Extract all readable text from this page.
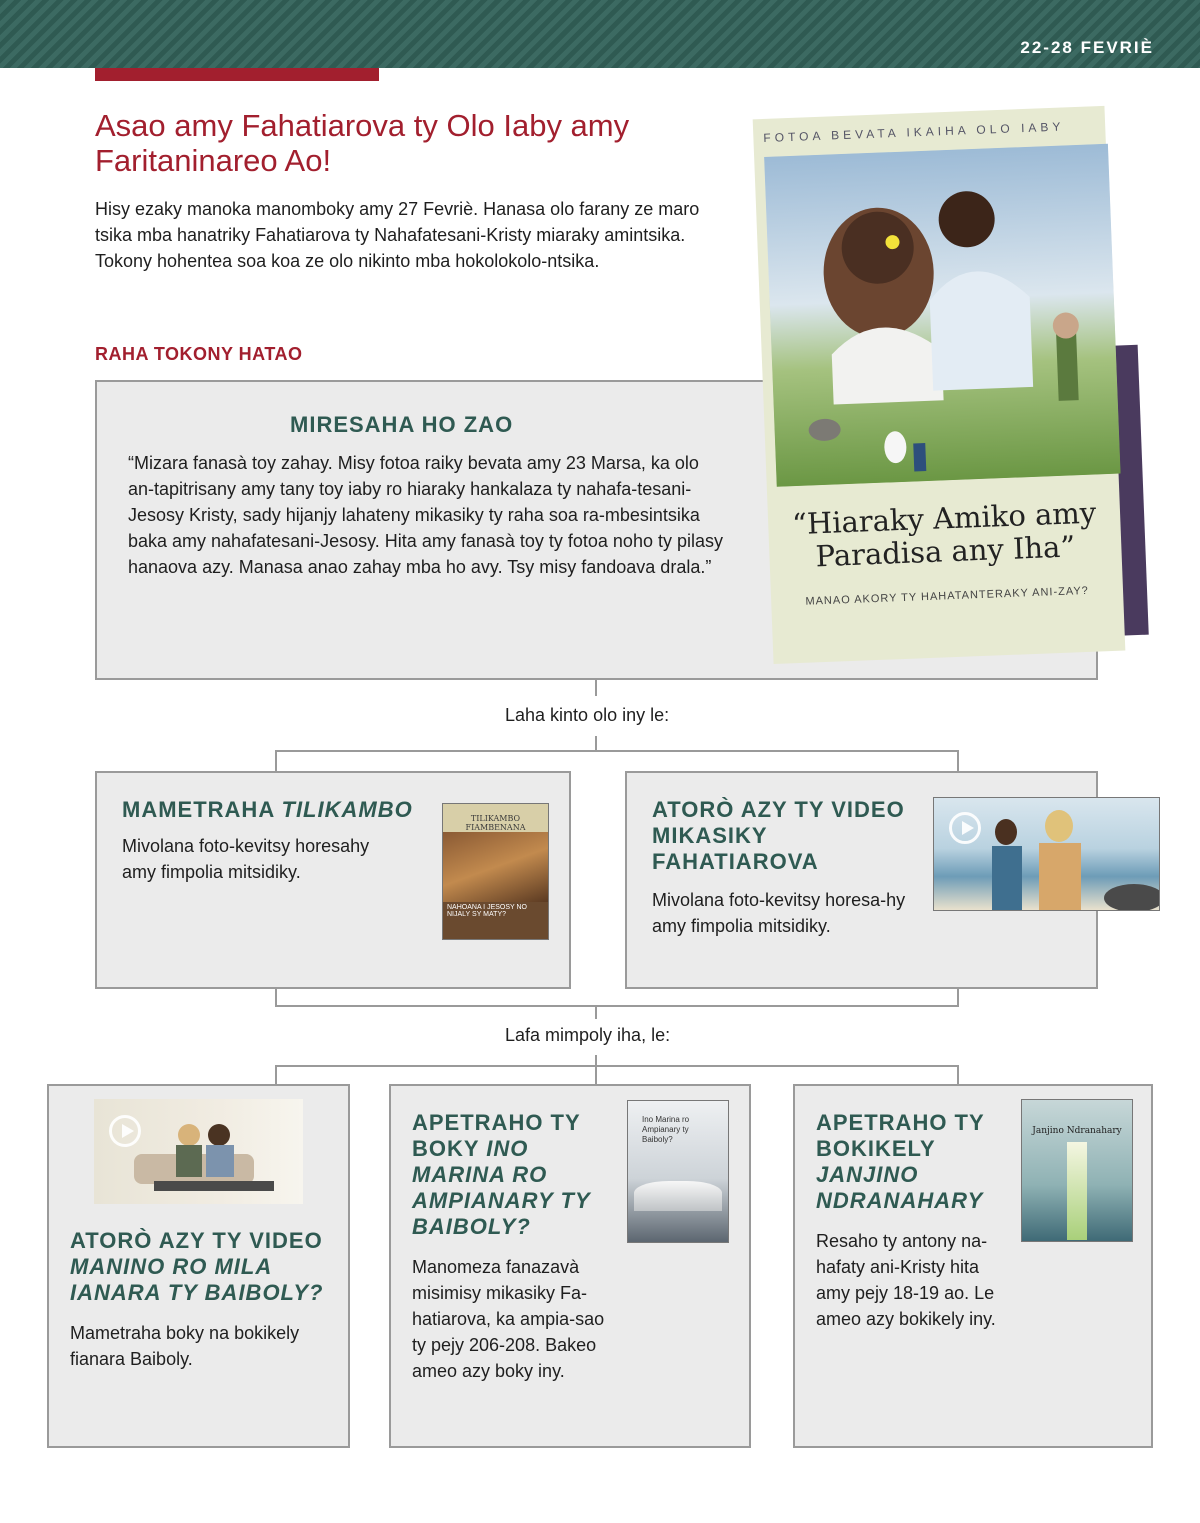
22-28 FEVRIÈ
Asao amy Fahatiarova ty Olo Iaby amy Faritaninareo Ao!

Hisy ezaky manoka manomboky amy 27 Fevriè. Hanasa olo farany ze maro tsika mba hanatriky Fahatiarova ty Nahafatesani-Kristy miaraky amintsika. Tokony hohentea soa koa ze olo nikinto mba hokolokolo-ntsika.

RAHA TOKONY HATAO
MIRESAHA HO ZAO

“Mizara fanasà toy zahay. Misy fotoa raiky bevata amy 23 Marsa, ka olo an-tapitrisany amy tany toy iaby ro hiaraky hankalaza ty nahafa-tesani-Jesosy Kristy, sady hijanjy lahateny mikasiky ty raha soa ra-mbesintsika baka amy nahafatesani-Jesosy. Hita amy fanasà toy ty fotoa noho ty pilasy hanaova azy. Manasa anao zahay mba ho avy. Tsy misy fandoava drala.”

FOTOA BEVATA IKAIHA OLO IABY
“Hiaraky Amiko amy Paradisa any Iha”
MANAO AKORY TY HAHATANTERAKY ANI-ZAY?
Laha kinto olo iny le:
MAMETRAHA TILIKAMBO

Mivolana foto-kevitsy horesahy amy fimpolia mitsidiky.

TILIKAMBO FIAMBENANA
NAHOANA I JESOSY NO NIJALY SY MATY?
ATORÒ AZY TY VIDEO MIKASIKY FAHATIAROVA

Mivolana foto-kevitsy horesa-hy amy fimpolia mitsidiky.

Lafa mimpoly iha, le:
ATORÒ AZY TY VIDEO MANINO RO MILA IANARA TY BAIBOLY?

Mametraha boky na bokikely fianara Baiboly.

APETRAHO TY BOKY INO MARINA RO AMPIANARY TY BAIBOLY?

Manomeza fanazavà misimisy mikasiky Fa-hatiarova, ka ampia-sao ty pejy 206-208. Bakeo ameo azy boky iny.

Ino Marina ro Ampianary ty Baiboly?
APETRAHO TY BOKIKELY JANJINO NDRANAHARY

Resaho ty antony na-hafaty ani-Kristy hita amy pejy 18-19 ao. Le ameo azy bokikely iny.

Janjino Ndranahary
